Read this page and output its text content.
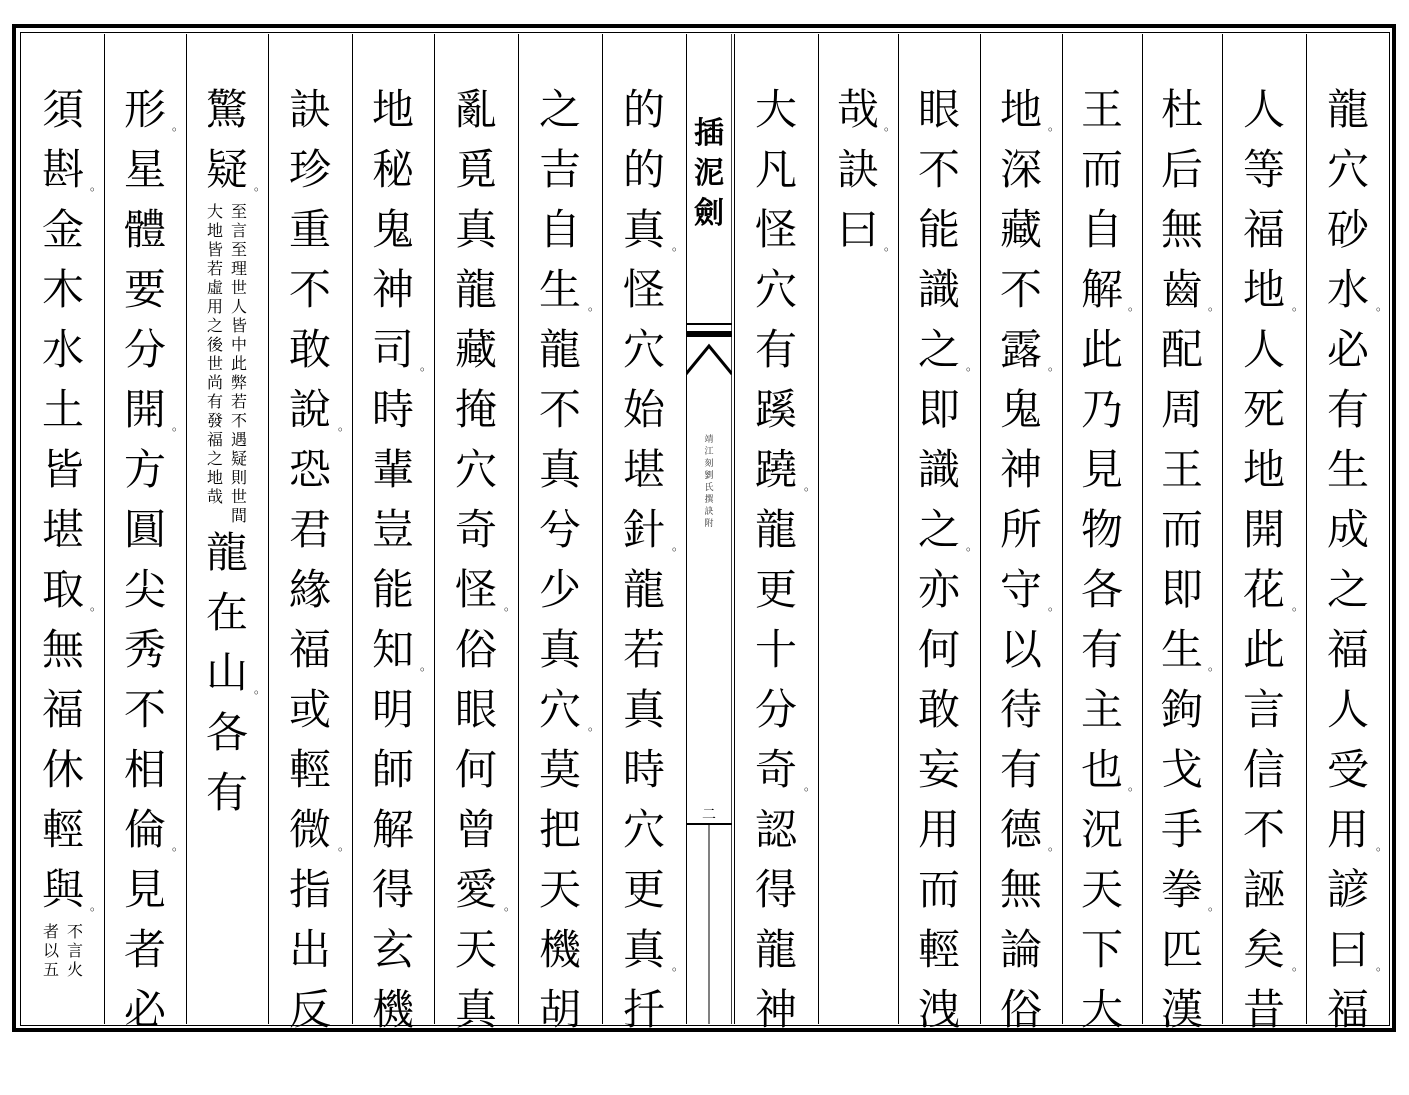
龍
穴
砂
水 。
必
有
生
成
之
福
人
受
用 。
諺
曰 。
福
人
等
福
地 。
人
死
地
開
花 。
此
言
信
不
誣
矣 。
昔
杜
后
無
齒 。
配
周
王
而
即
生 。
鉤
戈
手
拳 。
匹
漢
王
而
自
解 。
此
乃
見
物
各
有
主
也 。
況
天
下
大
地 。
深
藏
不
露 。
鬼
神
所
守 。
以
待
有
德 。
無
論
俗
眼
不
能
識
之 。
即
識
之 。
亦
何
敢
妄
用
而
輕
洩
哉 。
訣
曰 。
大
凡
怪
穴
有
蹊
蹺 。
龍
更
十
分
奇 。
認
得
龍
神
的
的
真 。
怪
穴
始
堪
針 。
龍
若
真
時
穴
更
真 。
扦
之
吉
自
生 。
龍
不
真
兮
少
真
穴 。
莫
把
天
機
胡
亂
覓
真
龍
藏
掩
穴
奇
怪 。
俗
眼
何
曾
愛 。
天
真
地
秘
鬼
神
司 。
時
輩
豈
能
知 。
明
師
解
得
玄
機
訣
珍
重
不
敢
說 。
恐
君
緣
福
或
輕
微 。
指
出
反
驚
疑 。
至
言
至
理
世
人
皆
中
此
弊
若
不
遇
疑
則
世
間
大
地
皆
若
虛
用
之
後
世
尚
有
發
福
之
地
哉
龍
在
山 。
各
有
形 。
星
體
要
分
開 。
方
圓
尖
秀
不
相
倫 。
見
者
必
須
斟 。
金
木
水
土
皆
堪
取 。
無
福
休
輕
與 。
不
言
火
者
以
五
插
泥
劍
靖
江
刻
劉
氏
撰
訣
附
二
